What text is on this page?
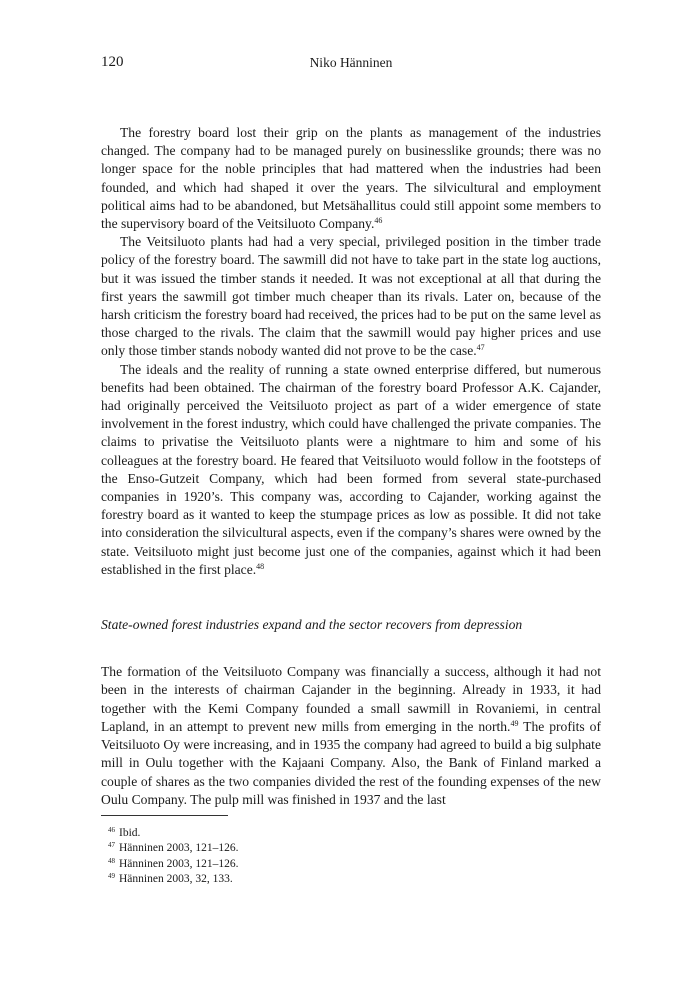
120	Niko Hänninen

The forestry board lost their grip on the plants as management of the industries changed. The company had to be managed purely on businesslike grounds; there was no longer space for the noble principles that had mattered when the industries had been founded, and which had shaped it over the years. The silvicultural and employment political aims had to be abandoned, but Metsähallitus could still appoint some members to the supervisory board of the Veitsiluoto Company.$^{46}$

The Veitsiluoto plants had had a very special, privileged position in the timber trade policy of the forestry board. The sawmill did not have to take part in the state log auctions, but it was issued the timber stands it needed. It was not exceptional at all that during the first years the sawmill got timber much cheaper than its rivals. Later on, because of the harsh criticism the forestry board had received, the prices had to be put on the same level as those charged to the rivals. The claim that the sawmill would pay higher prices and use only those timber stands nobody wanted did not prove to be the case.$^{47}$

The ideals and the reality of running a state owned enterprise differed, but numerous benefits had been obtained. The chairman of the forestry board Professor A.K. Cajander, had originally perceived the Veitsiluoto project as part of a wider emergence of state involvement in the forest industry, which could have challenged the private companies. The claims to privatise the Veitsiluoto plants were a nightmare to him and some of his colleagues at the forestry board. He feared that Veitsiluoto would follow in the footsteps of the Enso-Gutzeit Company, which had been formed from several state-purchased companies in 1920’s. This company was, according to Cajander, working against the forestry board as it wanted to keep the stumpage prices as low as possible. It did not take into consideration the silvicultural aspects, even if the company’s shares were owned by the state. Veitsiluoto might just become just one of the companies, against which it had been established in the first place.$^{48}$

State-owned forest industries expand and the sector recovers from depression

The formation of the Veitsiluoto Company was financially a success, although it had not been in the interests of chairman Cajander in the beginning. Already in 1933, it had together with the Kemi Company founded a small sawmill in Rovaniemi, in central Lapland, in an attempt to prevent new mills from emerging in the north.$^{49}$ The profits of Veitsiluoto Oy were increasing, and in 1935 the company had agreed to build a big sulphate mill in Oulu together with the Kajaani Company. Also, the Bank of Finland marked a couple of shares as the two companies divided the rest of the founding expenses of the new Oulu Company. The pulp mill was finished in 1937 and the last

$^{46}$ Ibid.
$^{47}$ Hänninen 2003, 121–126.
$^{48}$ Hänninen 2003, 121–126.
$^{49}$ Hänninen 2003, 32, 133.
